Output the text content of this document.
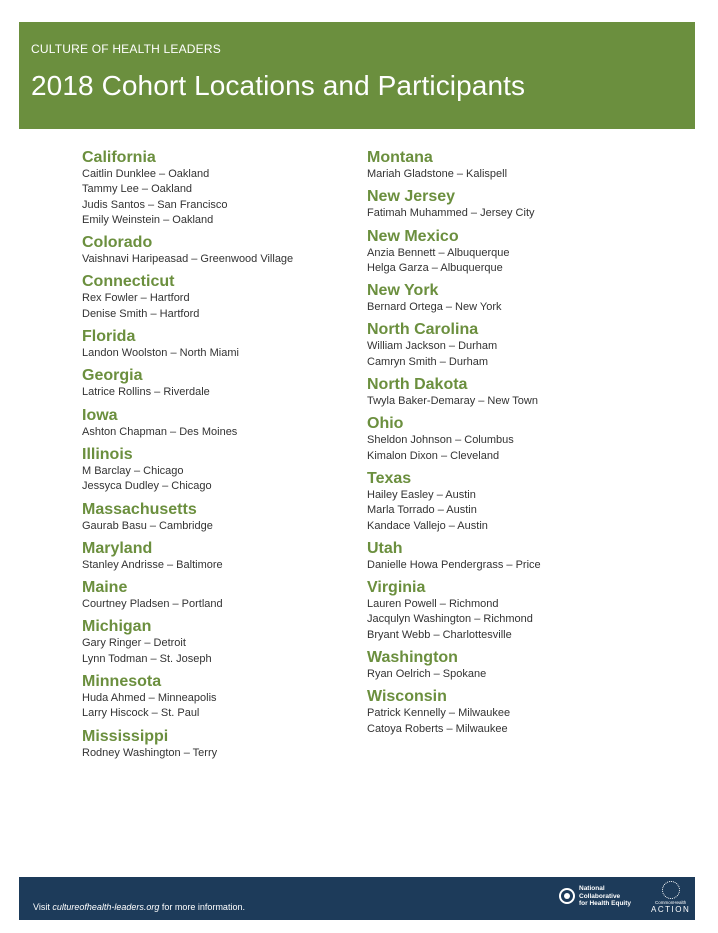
CULTURE OF HEALTH LEADERS
2018 Cohort Locations and Participants
California
Caitlin Dunklee – Oakland
Tammy Lee – Oakland
Judis Santos – San Francisco
Emily Weinstein – Oakland
Colorado
Vaishnavi Haripeasad – Greenwood Village
Connecticut
Rex Fowler – Hartford
Denise Smith – Hartford
Florida
Landon Woolston – North Miami
Georgia
Latrice Rollins – Riverdale
Iowa
Ashton Chapman – Des Moines
Illinois
M Barclay – Chicago
Jessyca Dudley – Chicago
Massachusetts
Gaurab Basu – Cambridge
Maryland
Stanley Andrisse – Baltimore
Maine
Courtney Pladsen – Portland
Michigan
Gary Ringer – Detroit
Lynn Todman – St. Joseph
Minnesota
Huda Ahmed – Minneapolis
Larry Hiscock – St. Paul
Mississippi
Rodney Washington – Terry
Montana
Mariah Gladstone – Kalispell
New Jersey
Fatimah Muhammed – Jersey City
New Mexico
Anzia Bennett – Albuquerque
Helga Garza – Albuquerque
New York
Bernard Ortega – New York
North Carolina
William Jackson – Durham
Camryn Smith – Durham
North Dakota
Twyla Baker-Demaray – New Town
Ohio
Sheldon Johnson – Columbus
Kimalon Dixon – Cleveland
Texas
Hailey Easley – Austin
Marla Torrado – Austin
Kandace Vallejo – Austin
Utah
Danielle Howa Pendergrass – Price
Virginia
Lauren Powell – Richmond
Jacqulyn Washington – Richmond
Bryant Webb – Charlottesville
Washington
Ryan Oelrich – Spokane
Wisconsin
Patrick Kennelly – Milwaukee
Catoya Roberts – Milwaukee
Visit cultureofhealth-leaders.org for more information.
National
Collaborative
for Health Equity	CommonHealth
ACTION
